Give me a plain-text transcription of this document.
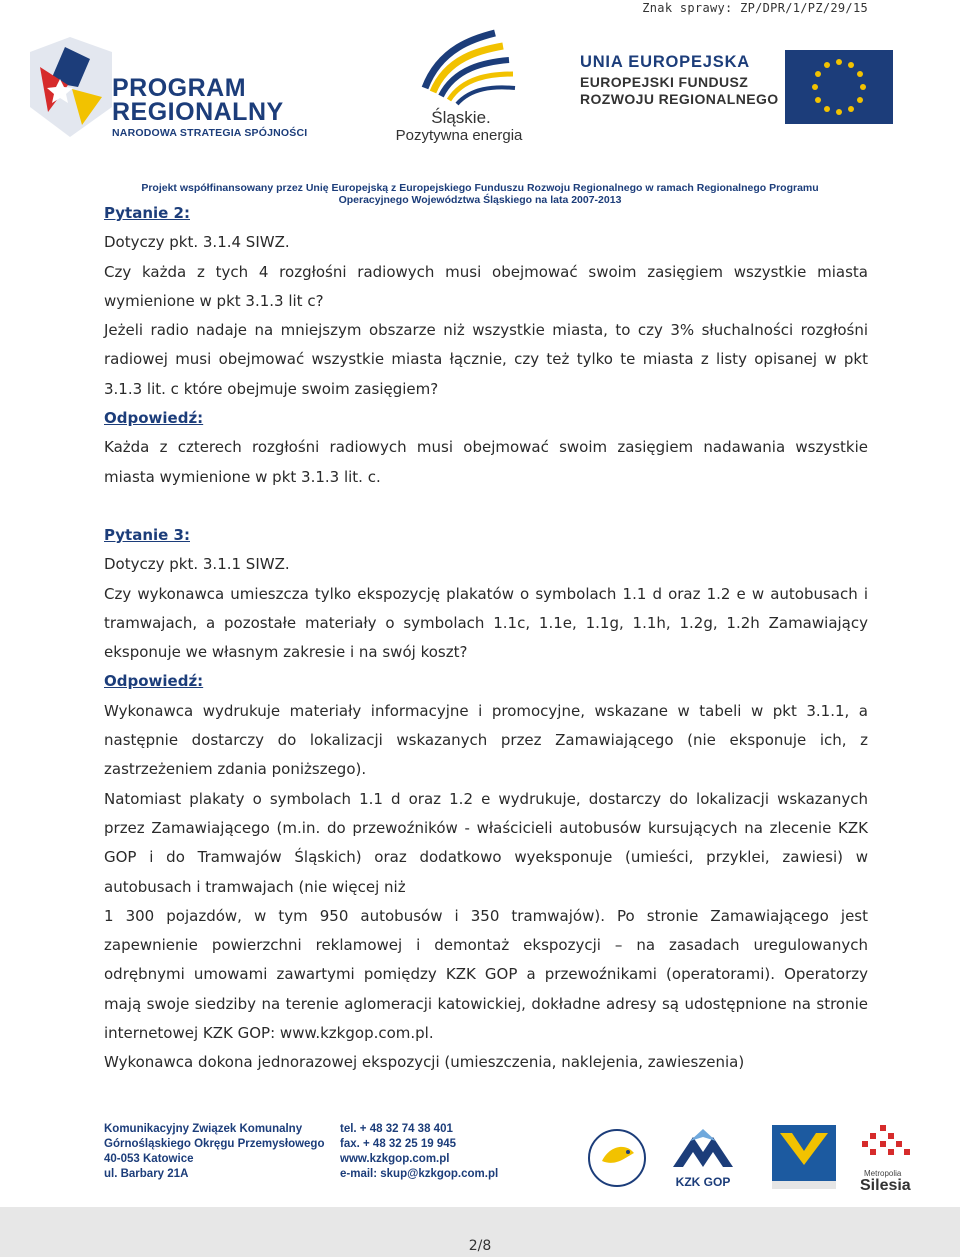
Znak sprawy: ZP/DPR/1/PZ/29/15
PROGRAM
REGIONALNY
NARODOWA STRATEGIA SPÓJNOŚCI
Śląskie.
Pozytywna energia
UNIA EUROPEJSKA
EUROPEJSKI FUNDUSZ
ROZWOJU REGIONALNEGO
Projekt współfinansowany przez Unię Europejską z Europejskiego Funduszu Rozwoju Regionalnego w ramach Regionalnego Programu
Operacyjnego Województwa Śląskiego na lata 2007-2013

Pytanie 2:

Dotyczy pkt. 3.1.4 SIWZ.

Czy każda z tych 4 rozgłośni radiowych musi obejmować swoim zasięgiem wszystkie miasta wymienione w pkt 3.1.3 lit c?

Jeżeli radio nadaje na mniejszym obszarze niż wszystkie miasta, to czy 3% słuchalności rozgłośni radiowej musi obejmować wszystkie miasta łącznie, czy też tylko te miasta z listy opisanej w pkt 3.1.3 lit. c które obejmuje swoim zasięgiem?

Odpowiedź:

Każda z czterech rozgłośni radiowych musi obejmować swoim zasięgiem nadawania wszystkie miasta wymienione w pkt 3.1.3 lit. c.

Pytanie 3:

Dotyczy pkt. 3.1.1 SIWZ.

Czy wykonawca umieszcza tylko ekspozycję plakatów o symbolach 1.1 d oraz 1.2 e w autobusach i tramwajach, a pozostałe materiały o symbolach 1.1c, 1.1e, 1.1g, 1.1h, 1.2g, 1.2h Zamawiający eksponuje we własnym zakresie i na swój koszt?

Odpowiedź:

Wykonawca wydrukuje materiały informacyjne i promocyjne, wskazane w tabeli w pkt 3.1.1, a następnie dostarczy do lokalizacji wskazanych przez Zamawiającego (nie eksponuje ich, z zastrzeżeniem zdania poniższego).

Natomiast plakaty o symbolach 1.1 d oraz 1.2 e wydrukuje, dostarczy do lokalizacji wskazanych przez Zamawiającego (m.in. do przewoźników - właścicieli autobusów kursujących na zlecenie KZK GOP i do Tramwajów Śląskich) oraz dodatkowo wyeksponuje (umieści, przyklei, zawiesi) w autobusach i tramwajach (nie więcej niż

1 300 pojazdów, w tym 950 autobusów i 350 tramwajów). Po stronie Zamawiającego jest zapewnienie powierzchni reklamowej i demontaż ekspozycji – na zasadach uregulowanych odrębnymi umowami zawartymi pomiędzy KZK GOP a przewoźnikami (operatorami). Operatorzy mają swoje siedziby na terenie aglomeracji katowickiej, dokładne adresy są udostępnione na stronie internetowej KZK GOP: www.kzkgop.com.pl.

Wykonawca dokona jednorazowej ekspozycji (umieszczenia, naklejenia, zawieszenia)

Komunikacyjny Związek Komunalny
Górnośląskiego Okręgu Przemysłowego
40-053 Katowice
ul. Barbary 21A
tel. + 48 32 74 38 401
fax. + 48 32 25 19 945
www.kzkgop.com.pl
e-mail: skup@kzkgop.com.pl
KZK GOP
Metropolia
Silesia
2/8
